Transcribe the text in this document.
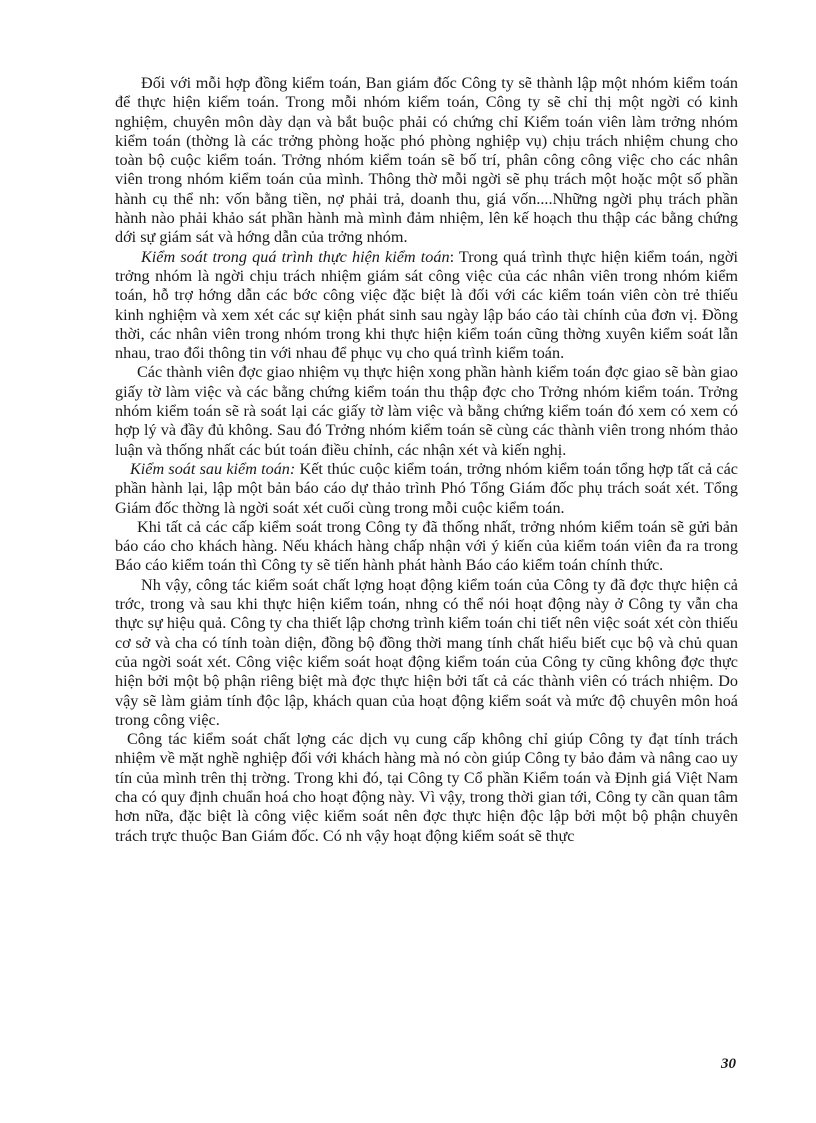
Đối với mỗi hợp đồng kiểm toán, Ban giám đốc Công ty sẽ thành lập một nhóm kiểm toán để thực hiện kiểm toán. Trong mỗi nhóm kiểm toán, Công ty sẽ chỉ thị một ngời có kinh nghiệm, chuyên môn dày dạn và bắt buộc phải có chứng chỉ Kiểm toán viên làm trởng nhóm kiểm toán (thờng là các trởng phòng hoặc phó phòng nghiệp vụ) chịu trách nhiệm chung cho toàn bộ cuộc kiểm toán. Trởng nhóm kiểm toán sẽ bố trí, phân công công việc cho các nhân viên trong nhóm kiểm toán của mình. Thông thờ mỗi ngời sẽ phụ trách một hoặc một số phần hành cụ thể nh: vốn bằng tiền, nợ phải trả, doanh thu, giá vốn....Những ngời phụ trách phần hành nào phải khảo sát phần hành mà mình đảm nhiệm, lên kế hoạch thu thập các bằng chứng dới sự giám sát và hớng dẫn của trởng nhóm.

Kiểm soát trong quá trình thực hiện kiểm toán: Trong quá trình thực hiện kiểm toán, ngời trởng nhóm là ngời chịu trách nhiệm giám sát công việc của các nhân viên trong nhóm kiểm toán, hỗ trợ hớng dẫn các bớc công việc đặc biệt là đối với các kiểm toán viên còn trẻ thiếu kinh nghiệm và xem xét các sự kiện phát sinh sau ngày lập báo cáo tài chính của đơn vị. Đồng thời, các nhân viên trong nhóm trong khi thực hiện kiểm toán cũng thờng xuyên kiểm soát lẫn nhau, trao đổi thông tin với nhau để phục vụ cho quá trình kiểm toán.

Các thành viên đợc giao nhiệm vụ thực hiện xong phần hành kiểm toán đợc giao sẽ bàn giao giấy tờ làm việc và các bằng chứng kiểm toán thu thập đợc cho Trởng nhóm kiểm toán. Trởng nhóm kiểm toán sẽ rà soát lại các giấy tờ làm việc và bằng chứng kiểm toán đó xem có xem có hợp lý và đầy đủ không. Sau đó Trởng nhóm kiểm toán sẽ cùng các thành viên trong nhóm thảo luận và thống nhất các bút toán điều chỉnh, các nhận xét và kiến nghị.

Kiểm soát sau kiểm toán: Kết thúc cuộc kiểm toán, trởng nhóm kiểm toán tổng hợp tất cả các phần hành lại, lập một bản báo cáo dự thảo trình Phó Tổng Giám đốc phụ trách soát xét. Tổng Giám đốc thờng là ngời soát xét cuối cùng trong mỗi cuộc kiểm toán.

Khi tất cả các cấp kiểm soát trong Công ty đã thống nhất, trởng nhóm kiểm toán sẽ gửi bản báo cáo cho khách hàng. Nếu khách hàng chấp nhận với ý kiến của kiểm toán viên đa ra trong Báo cáo kiểm toán thì Công ty sẽ tiến hành phát hành Báo cáo kiểm toán chính thức.

Nh vậy, công tác kiểm soát chất lợng hoạt động kiểm toán của Công ty đã đợc thực hiện cả trớc, trong và sau khi thực hiện kiểm toán, nhng có thể nói hoạt động này ở Công ty vẫn cha thực sự hiệu quả. Công ty cha thiết lập chơng trình kiểm toán chi tiết nên việc soát xét còn thiếu cơ sở và cha có tính toàn diện, đồng bộ đồng thời mang tính chất hiểu biết cục bộ và chủ quan của ngời soát xét. Công việc kiểm soát hoạt động kiểm toán của Công ty cũng không đợc thực hiện bởi một bộ phận riêng biệt mà đợc thực hiện bởi tất cả các thành viên có trách nhiệm. Do vậy sẽ làm giảm tính độc lập, khách quan của hoạt động kiểm soát và mức độ chuyên môn hoá trong công việc.

Công tác kiểm soát chất lợng các dịch vụ cung cấp không chỉ giúp Công ty đạt tính trách nhiệm về mặt nghề nghiệp đối với khách hàng mà nó còn giúp Công ty bảo đảm và nâng cao uy tín của mình trên thị trờng. Trong khi đó, tại Công ty Cổ phần Kiểm toán và Định giá Việt Nam cha có quy định chuẩn hoá cho hoạt động này. Vì vậy, trong thời gian tới, Công ty cần quan tâm hơn nữa, đặc biệt là công việc kiểm soát nên đợc thực hiện độc lập bởi một bộ phận chuyên trách trực thuộc Ban Giám đốc. Có nh vậy hoạt động kiểm soát sẽ thực

30
